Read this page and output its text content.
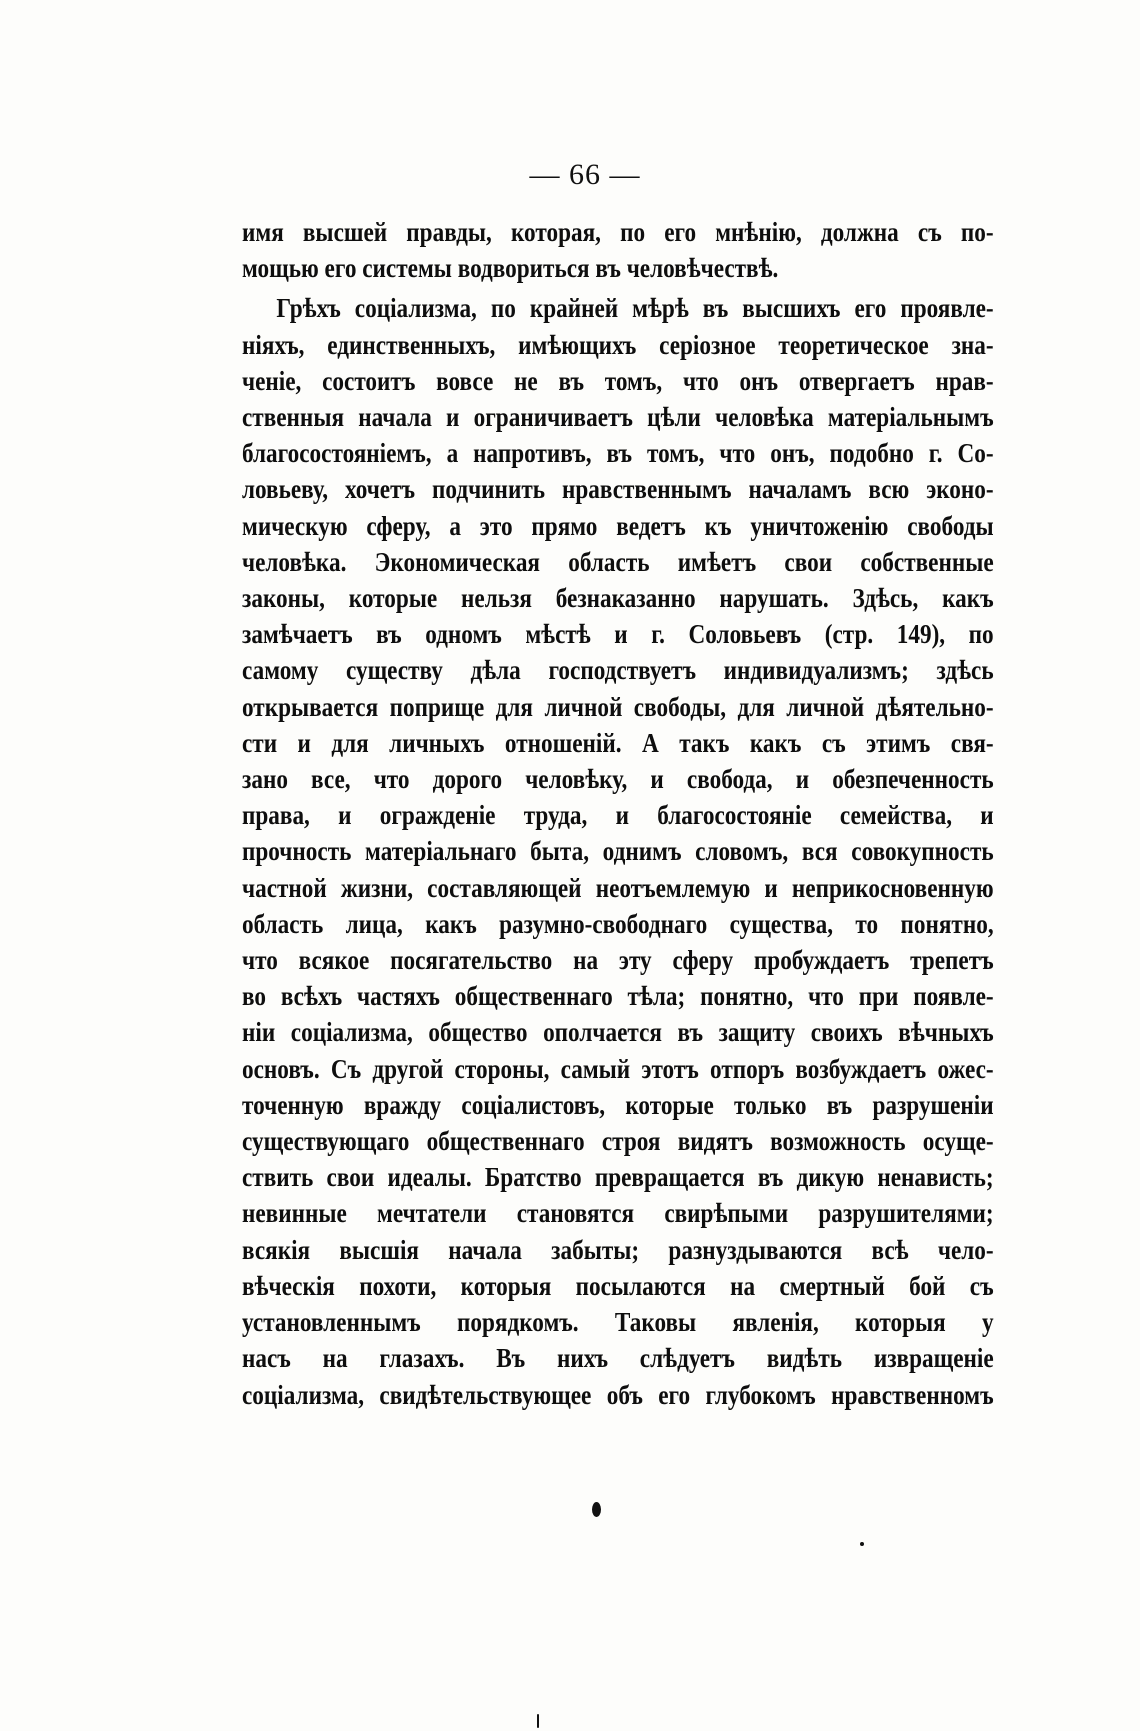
— 66 —
имя высшей правды, которая, по его мнѣнію, должна съ по-
мощью его системы водвориться въ человѣчествѣ.
Грѣхъ соціализма, по крайней мѣрѣ въ высшихъ его проявле-
ніяхъ, единственныхъ, имѣющихъ серіозное теоретическое зна-
ченіе, состоитъ вовсе не въ томъ, что онъ отвергаетъ нрав-
ственныя начала и ограничиваетъ цѣли человѣка матеріальнымъ
благосостояніемъ, а напротивъ, въ томъ, что онъ, подобно г. Со-
ловьеву, хочетъ подчинить нравственнымъ началамъ всю эконо-
мическую сферу, а это прямо ведетъ къ уничтоженію свободы
человѣка. Экономическая область имѣетъ свои собственные
законы, которые нельзя безнаказанно нарушать. Здѣсь, какъ
замѣчаетъ въ одномъ мѣстѣ и г. Соловьевъ (стр. 149), по
самому существу дѣла господствуетъ индивидуализмъ; здѣсь
открывается поприще для личной свободы, для личной дѣятельно-
сти и для личныхъ отношеній. А такъ какъ съ этимъ свя-
зано все, что дорого человѣку, и свобода, и обезпеченность
права, и огражденіе труда, и благосостояніе семейства, и
прочность матеріальнаго быта, однимъ словомъ, вся совокупность
частной жизни, составляющей неотъемлемую и неприкосновенную
область лица, какъ разумно-свободнаго существа, то понятно,
что всякое посягательство на эту сферу пробуждаетъ трепетъ
во всѣхъ частяхъ общественнаго тѣла; понятно, что при появле-
ніи соціализма, общество ополчается въ защиту своихъ вѣчныхъ
основъ. Съ другой стороны, самый этотъ отпоръ возбуждаетъ ожес-
точенную вражду соціалистовъ, которые только въ разрушеніи
существующаго общественнаго строя видятъ возможность осуще-
ствить свои идеалы. Братство превращается въ дикую ненависть;
невинные мечтатели становятся свирѣпыми разрушителями;
всякія высшія начала забыты; разнуздываются всѣ чело-
вѣческія похоти, которыя посылаются на смертный бой съ
установленнымъ порядкомъ. Таковы явленія, которыя у
насъ на глазахъ. Въ нихъ слѣдуетъ видѣть извращеніе
соціализма, свидѣтельствующее объ его глубокомъ нравственномъ
